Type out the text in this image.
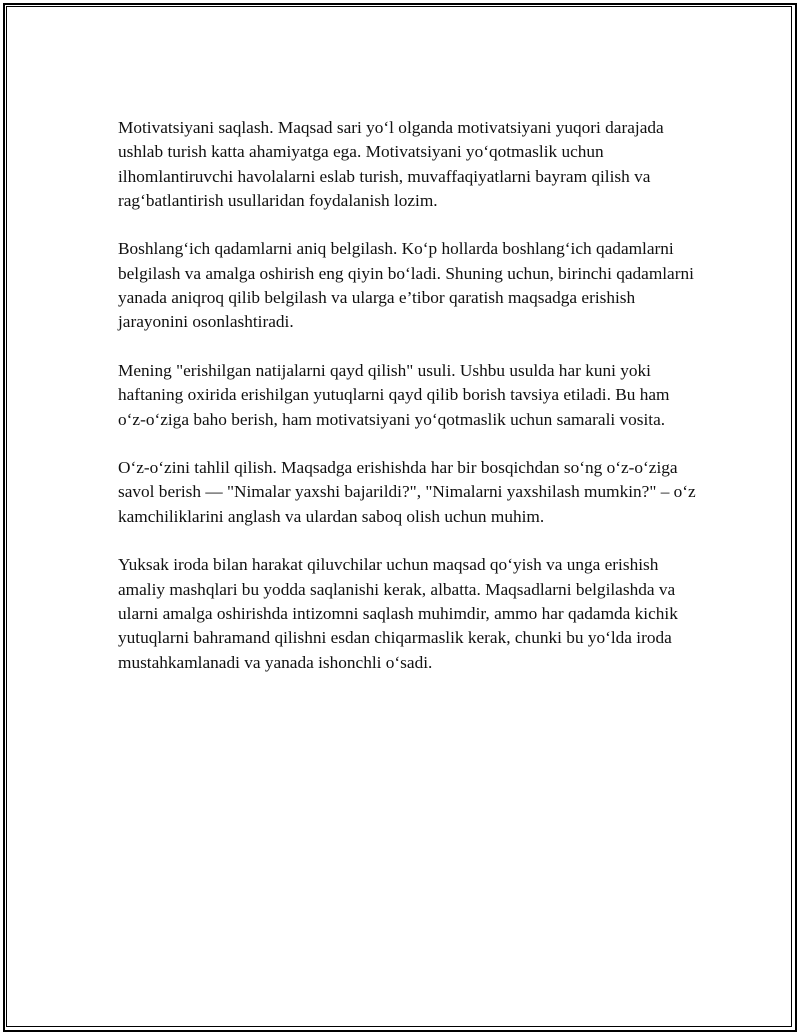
Motivatsiyani saqlash. Maqsad sari yo‘l olganda motivatsiyani yuqori darajada ushlab turish katta ahamiyatga ega. Motivatsiyani yo‘qotmaslik uchun ilhomlantiruvchi havolalarni eslab turish, muvaffaqiyatlarni bayram qilish va rag‘batlantirish usullaridan foydalanish lozim.

Boshlang‘ich qadamlarni aniq belgilash. Ko‘p hollarda boshlang‘ich qadamlarni belgilash va amalga oshirish eng qiyin bo‘ladi. Shuning uchun, birinchi qadamlarni yanada aniqroq qilib belgilash va ularga e’tibor qaratish maqsadga erishish jarayonini osonlashtiradi.

Mening "erishilgan natijalarni qayd qilish" usuli. Ushbu usulda har kuni yoki haftaning oxirida erishilgan yutuqlarni qayd qilib borish tavsiya etiladi. Bu ham o‘z-o‘ziga baho berish, ham motivatsiyani yo‘qotmaslik uchun samarali vosita.

O‘z-o‘zini tahlil qilish. Maqsadga erishishda har bir bosqichdan so‘ng o‘z-o‘ziga savol berish — "Nimalar yaxshi bajarildi?", "Nimalarni yaxshilash mumkin?" – o‘z kamchiliklarini anglash va ulardan saboq olish uchun muhim.

Yuksak iroda bilan harakat qiluvchilar uchun maqsad qo‘yish va unga erishish amaliy mashqlari bu yodda saqlanishi kerak, albatta. Maqsadlarni belgilashda va ularni amalga oshirishda intizomni saqlash muhimdir, ammo har qadamda kichik yutuqlarni bahramand qilishni esdan chiqarmaslik kerak, chunki bu yo‘lda iroda mustahkamlanadi va yanada ishonchli o‘sadi.
